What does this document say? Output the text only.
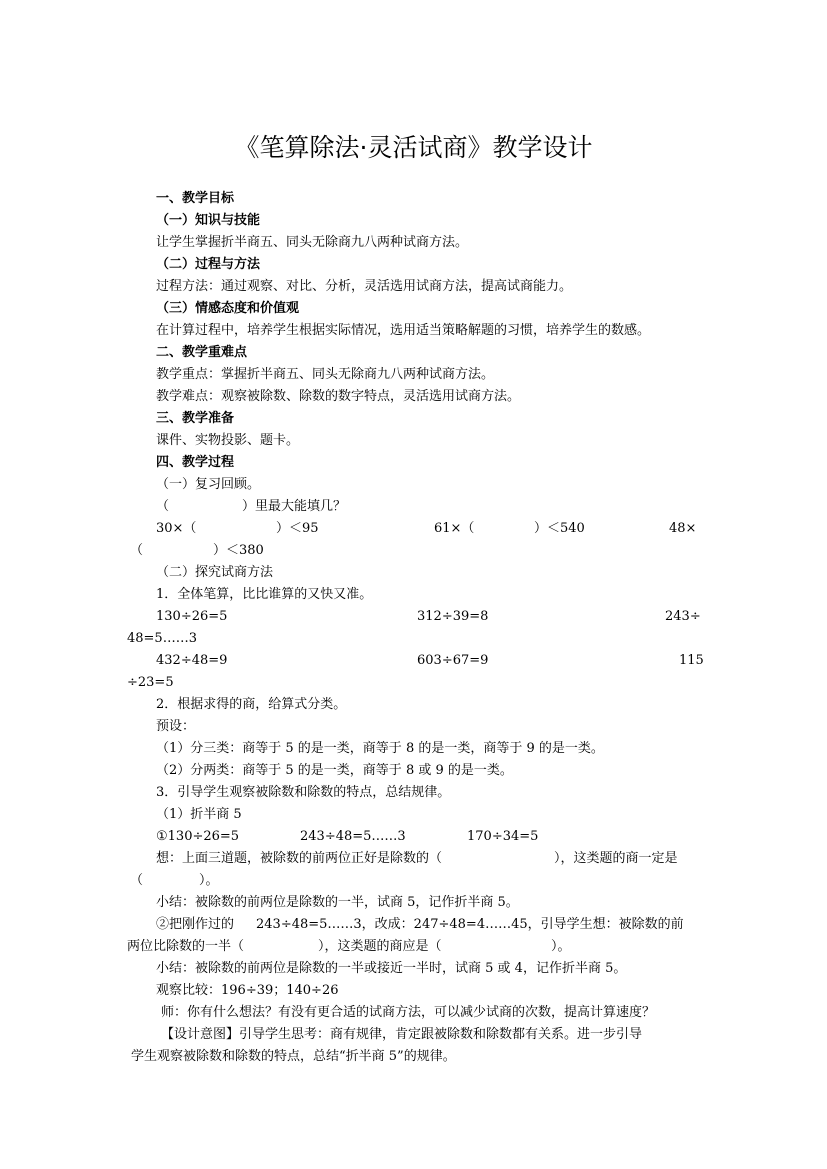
《笔算除法·灵活试商》教学设计
一、教学目标
（一）知识与技能
让学生掌握折半商五、同头无除商九八两种试商方法。
（二）过程与方法
过程方法：通过观察、对比、分析，灵活选用试商方法，提高试商能力。
（三）情感态度和价值观
在计算过程中，培养学生根据实际情况，选用适当策略解题的习惯，培养学生的数感。
二、教学重难点
教学重点：掌握折半商五、同头无除商九八两种试商方法。
教学难点：观察被除数、除数的数字特点，灵活选用试商方法。
三、教学准备
课件、实物投影、题卡。
四、教学过程
（一）复习回顾。
（	）里最大能填几？
30×（	）＜95	61×（	）＜540	48×
（	）＜380
（二）探究试商方法
1．全体笔算，比比谁算的又快又准。
130÷26=5	312÷39=8	243÷
48=5……3
432÷48=9	603÷67=9	115
÷23=5
2．根据求得的商，给算式分类。
预设：
（1）分三类：商等于 5 的是一类，商等于 8 的是一类，商等于 9 的是一类。
（2）分两类：商等于 5 的是一类，商等于 8 或 9 的是一类。
3．引导学生观察被除数和除数的特点，总结规律。
（1）折半商 5
①130÷26=5	243÷48=5……3	170÷34=5
想：上面三道题，被除数的前两位正好是除数的（	），这类题的商一定是
（	）。
小结：被除数的前两位是除数的一半，试商 5，记作折半商 5。
②把刚作过的 243÷48=5……3，改成：247÷48=4……45，引导学生想：被除数的前
两位比除数的一半（	），这类题的商应是（	）。
小结：被除数的前两位是除数的一半或接近一半时，试商 5 或 4，记作折半商 5。
观察比较：196÷39；140÷26
师：你有什么想法？有没有更合适的试商方法，可以减少试商的次数，提高计算速度？
【设计意图】引导学生思考：商有规律，肯定跟被除数和除数都有关系。进一步引导
学生观察被除数和除数的特点，总结“折半商 5”的规律。
